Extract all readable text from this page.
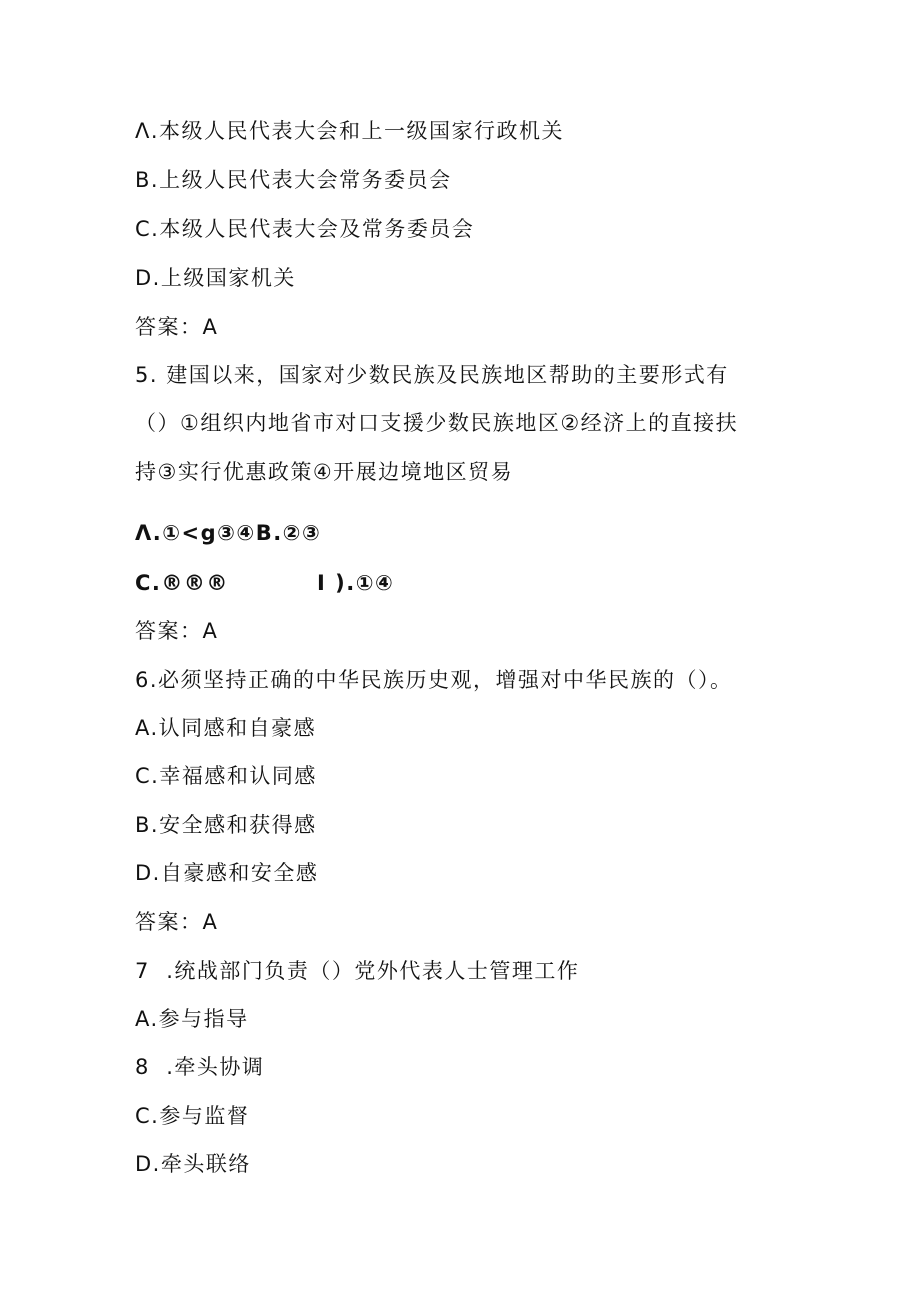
Λ.本级人民代表大会和上一级国家行政机关
B.上级人民代表大会常务委员会
C.本级人民代表大会及常务委员会
D.上级国家机关
答案：A
5. 建国以来，国家对少数民族及民族地区帮助的主要形式有
（）①组织内地省市对口支援少数民族地区②经济上的直接扶
持③实行优惠政策④开展边境地区贸易
Λ.①<g③④B.②③
C.®®®          I ).①④
答案：A
6.必须坚持正确的中华民族历史观，增强对中华民族的（）。
A.认同感和自豪感
C.幸福感和认同感
B.安全感和获得感
D.自豪感和安全感
答案：A
7  .统战部门负责（）党外代表人士管理工作
A.参与指导
8  .牵头协调
C.参与监督
D.牵头联络
